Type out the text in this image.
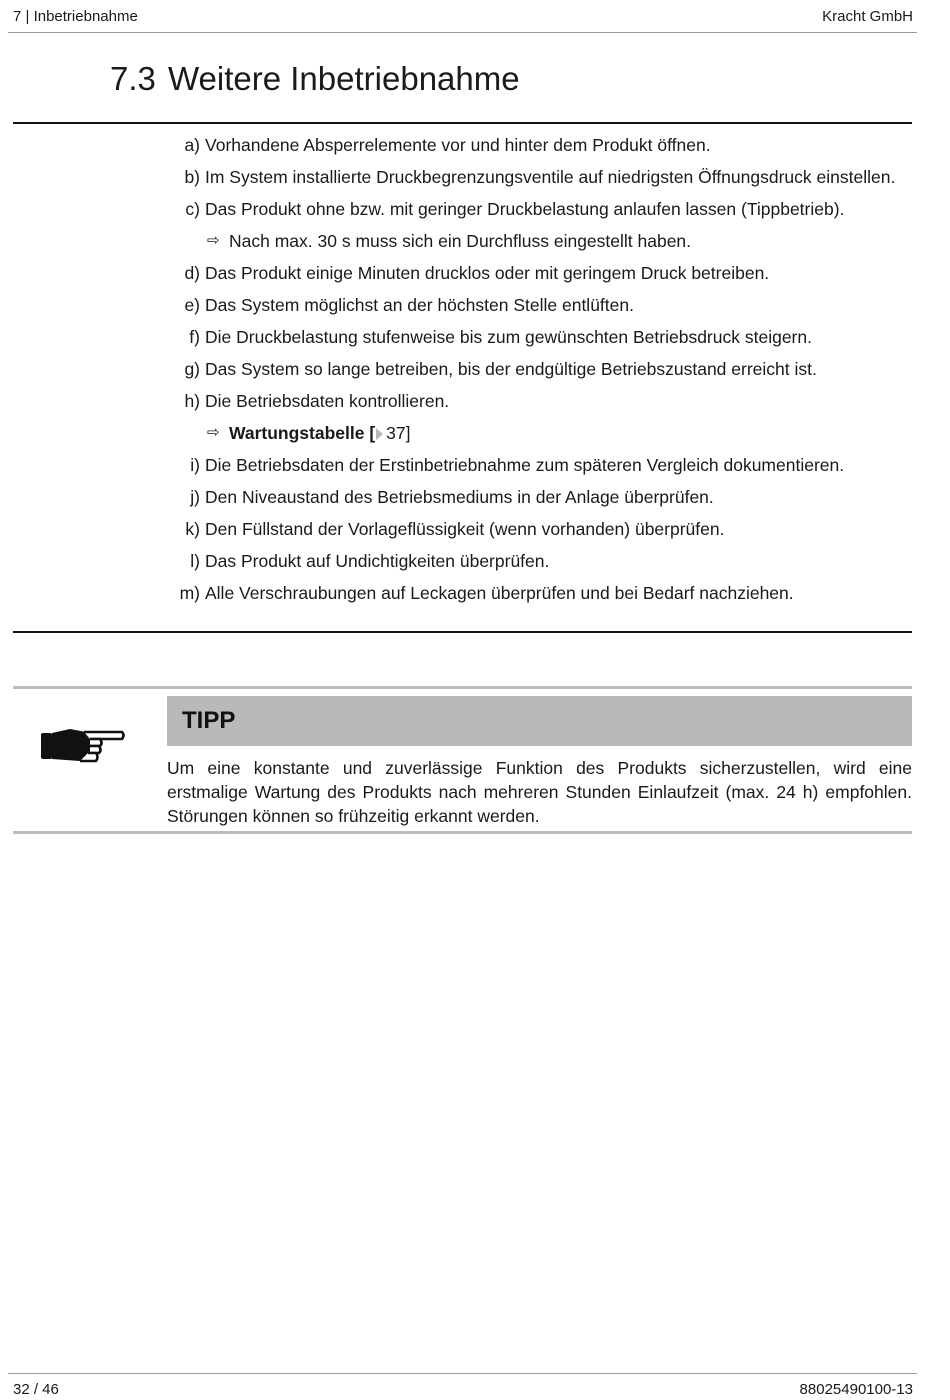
7 | Inbetriebnahme	Kracht GmbH
7.3 Weitere Inbetriebnahme
a) Vorhandene Absperrelemente vor und hinter dem Produkt öffnen.
b) Im System installierte Druckbegrenzungsventile auf niedrigsten Öffnungsdruck einstellen.
c) Das Produkt ohne bzw. mit geringer Druckbelastung anlaufen lassen (Tippbetrieb).
⇨ Nach max. 30 s muss sich ein Durchfluss eingestellt haben.
d) Das Produkt einige Minuten drucklos oder mit geringem Druck betreiben.
e) Das System möglichst an der höchsten Stelle entlüften.
f) Die Druckbelastung stufenweise bis zum gewünschten Betriebsdruck steigern.
g) Das System so lange betreiben, bis der endgültige Betriebszustand erreicht ist.
h) Die Betriebsdaten kontrollieren.
⇨ Wartungstabelle [ 37]
i) Die Betriebsdaten der Erstinbetriebnahme zum späteren Vergleich dokumentieren.
j) Den Niveaustand des Betriebsmediums in der Anlage überprüfen.
k) Den Füllstand der Vorlageflüssigkeit (wenn vorhanden) überprüfen.
l) Das Produkt auf Undichtigkeiten überprüfen.
m) Alle Verschraubungen auf Leckagen überprüfen und bei Bedarf nachziehen.
TIPP
Um eine konstante und zuverlässige Funktion des Produkts sicherzustellen, wird eine erstmalige Wartung des Produkts nach mehreren Stunden Einlaufzeit (max. 24 h) empfohlen. Störungen können so frühzeitig erkannt werden.
32 / 46	88025490100-13
